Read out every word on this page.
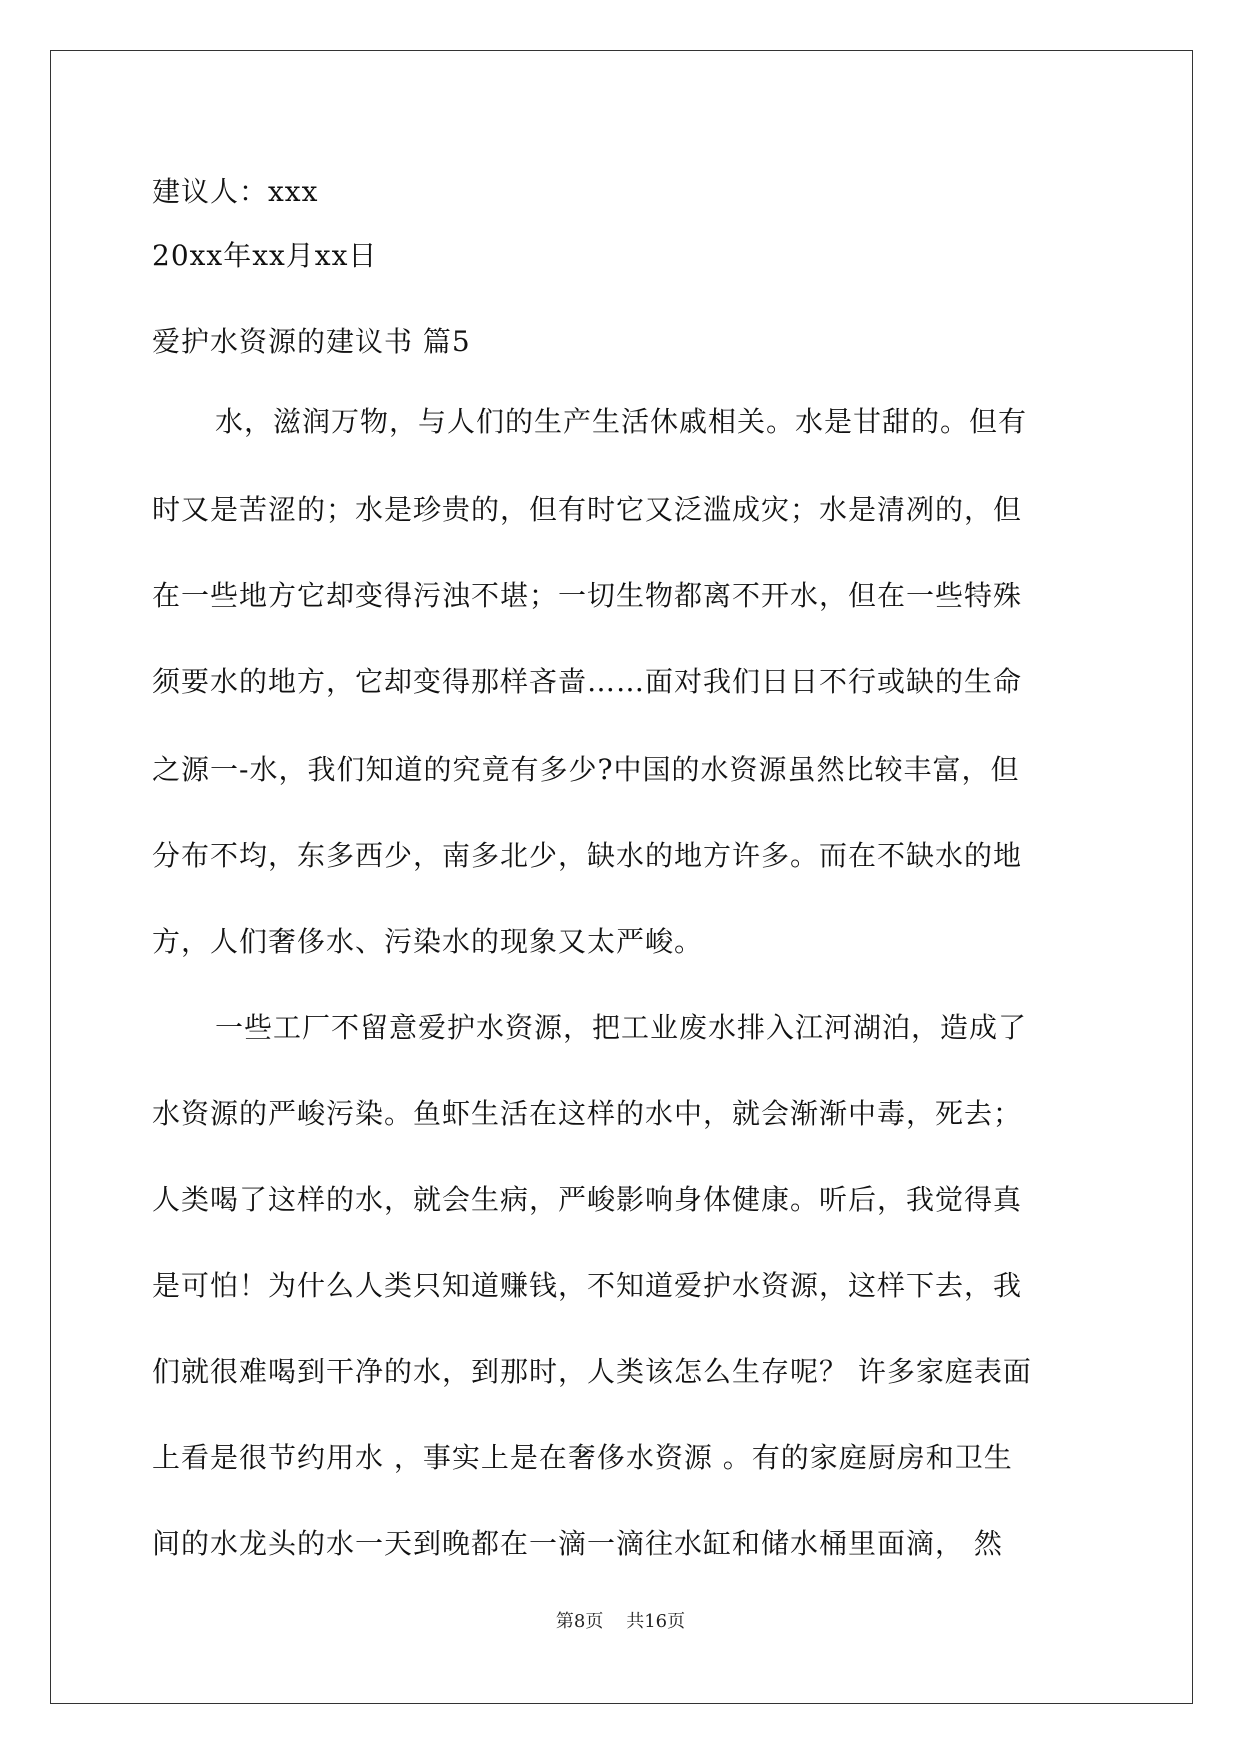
建议人：xxx
20xx年xx月xx日
爱护水资源的建议书 篇5
水，滋润万物，与人们的生产生活休戚相关。水是甘甜的。但有
时又是苦涩的；水是珍贵的，但有时它又泛滥成灾；水是清冽的，但
在一些地方它却变得污浊不堪；一切生物都离不开水，但在一些特殊
须要水的地方，它却变得那样吝啬……面对我们日日不行或缺的生命
之源一-水，我们知道的究竟有多少?中国的水资源虽然比较丰富，但
分布不均，东多西少，南多北少，缺水的地方许多。而在不缺水的地
方，人们奢侈水、污染水的现象又太严峻。
一些工厂不留意爱护水资源，把工业废水排入江河湖泊，造成了
水资源的严峻污染。鱼虾生活在这样的水中，就会渐渐中毒，死去；
人类喝了这样的水，就会生病，严峻影响身体健康。听后，我觉得真
是可怕！为什么人类只知道赚钱，不知道爱护水资源，这样下去，我
们就很难喝到干净的水，到那时，人类该怎么生存呢？ 许多家庭表面
上看是很节约用水 ，事实上是在奢侈水资源 。有的家庭厨房和卫生
间的水龙头的水一天到晚都在一滴一滴往水缸和储水桶里面滴， 然
第8页    共16页
